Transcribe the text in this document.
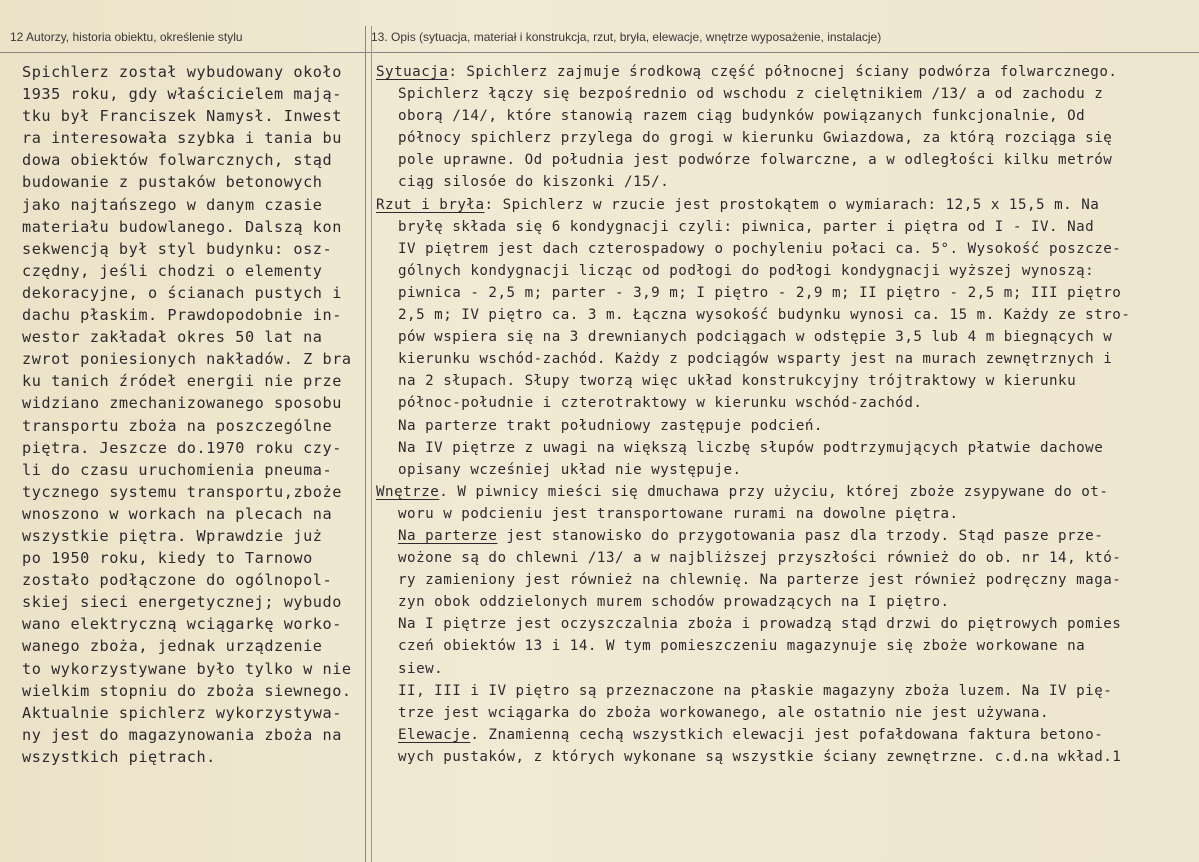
12 Autorzy, historia obiektu, określenie stylu	13. Opis (sytuacja, materiał i konstrukcja, rzut, bryła, elewacje, wnętrze wyposażenie, instalacje)
Spichlerz został wybudowany około
1935 roku, gdy właścicielem mają-
tku był Franciszek Namysł. Inwest
ra interesowała szybka i tania bu
dowa obiektów folwarcznych, stąd
budowanie z pustaków betonowych
jako najtańszego w danym czasie
materiału budowlanego. Dalszą kon
sekwencją był styl budynku: osz-
czędny, jeśli chodzi o elementy
dekoracyjne, o ścianach pustych i
dachu płaskim. Prawdopodobnie in-
westor zakładał okres 50 lat na
zwrot poniesionych nakładów. Z bra
ku tanich źródeł energii nie prze
widziano zmechanizowanego sposobu
transportu zboża na poszczególne
piętra. Jeszcze do.1970 roku czy-
li do czasu uruchomienia pneuma-
tycznego systemu transportu,zboże
wnoszono w workach na plecach na
wszystkie piętra. Wprawdzie już
po 1950 roku, kiedy to Tarnowo
zostało podłączone do ogólnopol-
skiej sieci energetycznej; wybudo
wano elektryczną wciągarkę worko-
wanego zboża, jednak urządzenie
to wykorzystywane było tylko w nie
wielkim stopniu do zboża siewnego.
Aktualnie spichlerz wykorzystywa-
ny jest do magazynowania zboża na
wszystkich piętrach.
Sytuacja: Spichlerz zajmuje środkową część północnej ściany podwórza folwarcznego.
Spichlerz łączy się bezpośrednio od wschodu z cielętnikiem /13/ a od zachodu z
oborą /14/, które stanowią razem ciąg budynków powiązanych funkcjonalnie, Od
północy spichlerz przylega do grogi w kierunku Gwiazdowa, za którą rozciąga się
pole uprawne. Od południa jest podwórze folwarczne, a w odległości kilku metrów
ciąg silosóe do kiszonki /15/.
Rzut i bryła: Spichlerz w rzucie jest prostokątem o wymiarach: 12,5 x 15,5 m. Na
bryłę składa się 6 kondygnacji czyli: piwnica, parter i piętra od I - IV. Nad
IV piętrem jest dach czterospadowy o pochyleniu połaci ca. 5°. Wysokość poszcze-
gólnych kondygnacji licząc od podłogi do podłogi kondygnacji wyższej wynoszą:
piwnica - 2,5 m; parter - 3,9 m; I piętro - 2,9 m; II piętro - 2,5 m; III piętro
2,5 m; IV piętro ca. 3 m. Łączna wysokość budynku wynosi ca. 15 m. Każdy ze stro-
pów wspiera się na 3 drewnianych podciągach w odstępie 3,5 lub 4 m biegnących w
kierunku wschód-zachód. Każdy z podciągów wsparty jest na murach zewnętrznych i
na 2 słupach. Słupy tworzą więc układ konstrukcyjny trójtraktowy w kierunku
północ-południe i czterotraktowy w kierunku wschód-zachód.
Na parterze trakt południowy zastępuje podcień.
Na IV piętrze z uwagi na większą liczbę słupów podtrzymujących płatwie dachowe
opisany wcześniej układ nie występuje.
Wnętrze. W piwnicy mieści się dmuchawa przy użyciu, której zboże zsypywane do ot-
woru w podcieniu jest transportowane rurami na dowolne piętra.
Na parterze jest stanowisko do przygotowania pasz dla trzody. Stąd pasze prze-
wożone są do chlewni /13/ a w najbliższej przyszłości również do ob. nr 14, któ-
ry zamieniony jest również na chlewnię. Na parterze jest również podręczny maga-
zyn obok oddzielonych murem schodów prowadzących na I piętro.
Na I piętrze jest oczyszczalnia zboża i prowadzą stąd drzwi do piętrowych pomies
czeń obiektów 13 i 14. W tym pomieszczeniu magazynuje się zboże workowane na
siew.
II, III i IV piętro są przeznaczone na płaskie magazyny zboża luzem. Na IV pię-
trze jest wciągarka do zboża workowanego, ale ostatnio nie jest używana.
Elewacje. Znamienną cechą wszystkich elewacji jest pofałdowana faktura betono-
wych pustaków, z których wykonane są wszystkie ściany zewnętrzne. c.d.na wkład.1
